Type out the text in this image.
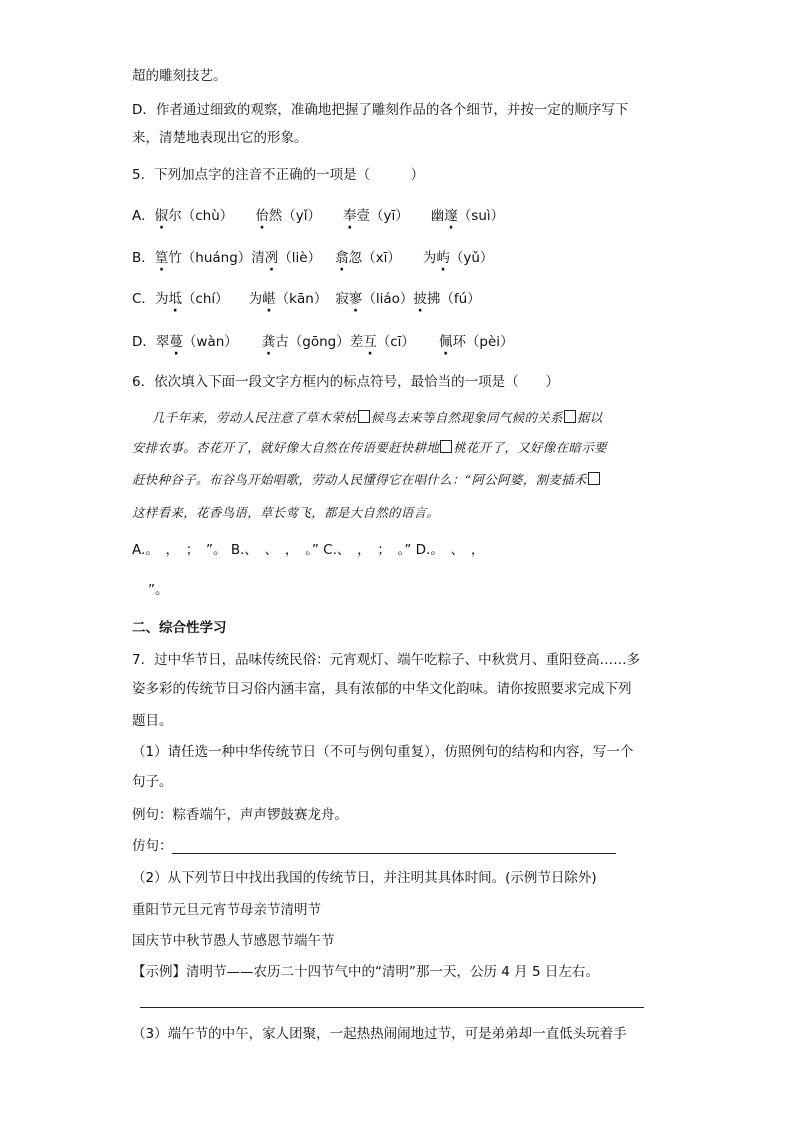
超的雕刻技艺。
D．作者通过细致的观察，准确地把握了雕刻作品的各个细节，并按一定的顺序写下
来，清楚地表现出它的形象。
5．下列加点字的注音不正确的一项是（　　　）
A．俶尔（chù） 佁然（yǐ） 奉壹（yī） 幽邃（suì）
B．篁竹（huáng）清冽（liè） 翕忽（xī） 为屿（yǔ）
C．为坻（chí） 为嵁（kān） 寂寥（liáo）披拂（fú）
D．翠蔓（wàn） 龚古（gōng）差互（cī） 佩环（pèi）
6．依次填入下面一段文字方框内的标点符号，最恰当的一项是（　　）
几千年来，劳动人民注意了草木荣枯 候鸟去来等自然现象同气候的关系 据以
安排农事。杏花开了，就好像大自然在传语要赶快耕地 桃花开了，又好像在暗示要
赶快种谷子。布谷鸟开始唱歌，劳动人民懂得它在唱什么：“阿公阿婆，割麦插禾
这样看来，花香鸟语，草长莺飞，都是大自然的语言。
A.。　，　；　”。 B.、　、　，　。” C.、　，　；　。” D.。　、　，
”。
二、综合性学习
7．过中华节日，品味传统民俗：元宵观灯、端午吃粽子、中秋赏月、重阳登高……多
姿多彩的传统节日习俗内涵丰富，具有浓郁的中华文化韵味。请你按照要求完成下列
题目。
（1）请任选一种中华传统节日（不可与例句重复），仿照例句的结构和内容，写一个
句子。
例句：粽香端午，声声锣鼓赛龙舟。
仿句：
（2）从下列节日中找出我国的传统节日，并注明其具体时间。(示例节日除外)
重阳节元旦元宵节母亲节清明节
国庆节中秋节愚人节感恩节端午节
【示例】清明节——农历二十四节气中的“清明”那一天，公历 4 月 5 日左右。
（3）端午节的中午，家人团聚，一起热热闹闹地过节，可是弟弟却一直低头玩着手
